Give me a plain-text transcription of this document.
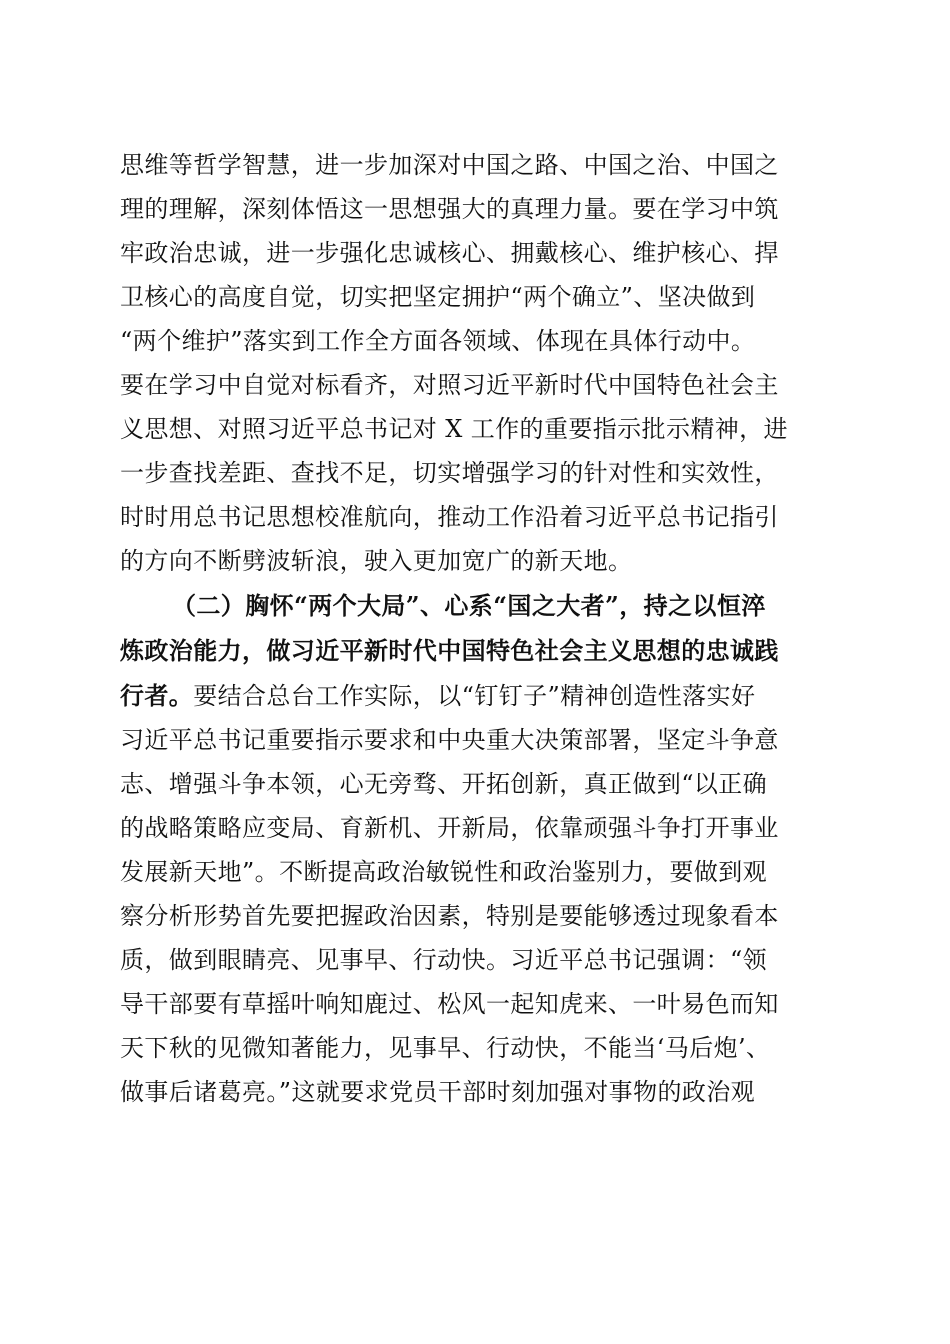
思维等哲学智慧，进一步加深对中国之路、中国之治、中国之
理的理解，深刻体悟这一思想强大的真理力量。要在学习中筑
牢政治忠诚，进一步强化忠诚核心、拥戴核心、维护核心、捍
卫核心的高度自觉，切实把坚定拥护“两个确立”、坚决做到
“两个维护”落实到工作全方面各领域、体现在具体行动中。
要在学习中自觉对标看齐，对照习近平新时代中国特色社会主
义思想、对照习近平总书记对 X 工作的重要指示批示精神，进
一步查找差距、查找不足，切实增强学习的针对性和实效性，
时时用总书记思想校准航向，推动工作沿着习近平总书记指引
的方向不断劈波斩浪，驶入更加宽广的新天地。
（二）胸怀“两个大局”、心系“国之大者”，持之以恒淬
炼政治能力，做习近平新时代中国特色社会主义思想的忠诚践
行者。要结合总台工作实际，以“钉钉子”精神创造性落实好
习近平总书记重要指示要求和中央重大决策部署，坚定斗争意
志、增强斗争本领，心无旁骛、开拓创新，真正做到“以正确
的战略策略应变局、育新机、开新局，依靠顽强斗争打开事业
发展新天地”。不断提高政治敏锐性和政治鉴别力，要做到观
察分析形势首先要把握政治因素，特别是要能够透过现象看本
质，做到眼睛亮、见事早、行动快。习近平总书记强调：“领
导干部要有草摇叶响知鹿过、松风一起知虎来、一叶易色而知
天下秋的见微知著能力，见事早、行动快，不能当‘马后炮’、
做事后诸葛亮。”这就要求党员干部时刻加强对事物的政治观
